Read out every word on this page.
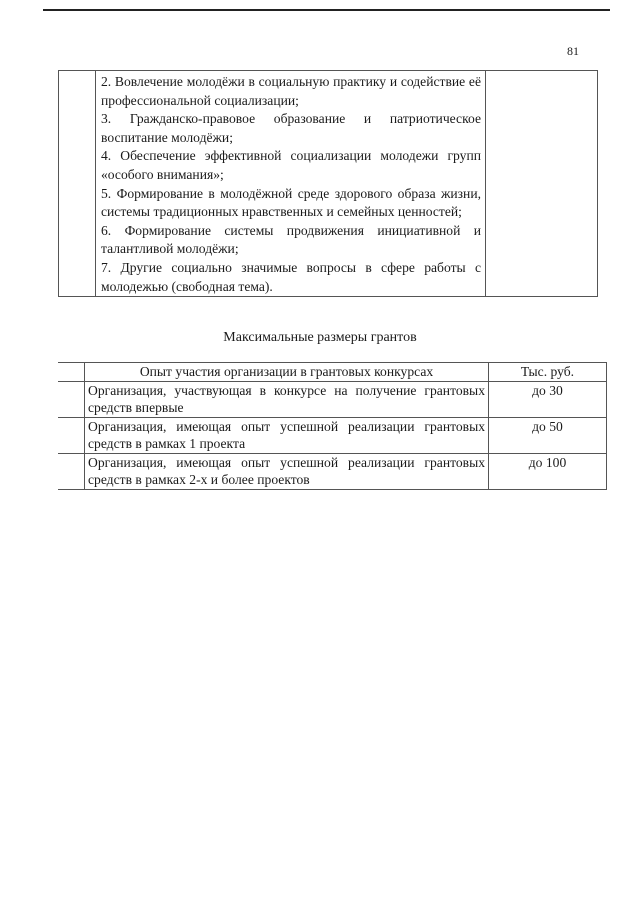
81

2. Вовлечение молодёжи в социальную практику и содействие её профессиональной социализации;

3. Гражданско-правовое образование и патриотическое воспитание молодёжи;

4. Обеспечение эффективной социализации молодежи групп «особого внимания»;

5. Формирование в молодёжной среде здорового образа жизни, системы традиционных нравственных и семейных ценностей;

6. Формирование системы продвижения инициативной и талантливой молодёжи;

7. Другие социально значимые вопросы в сфере работы с молодежью (свободная тема).

Максимальные размеры грантов
	Опыт участия организации в грантовых конкурсах	Тыс. руб.
	Организация, участвующая в конкурсе на получение грантовых средств впервые	до 30
	Организация, имеющая опыт успешной реализации грантовых средств в рамках 1 проекта	до 50
	Организация, имеющая опыт успешной реализации грантовых средств в рамках 2-х и более проектов	до 100
